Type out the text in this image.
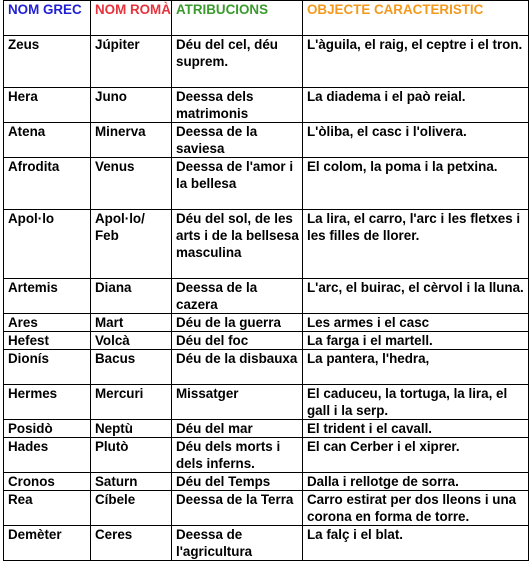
NOM GREC	NOM ROMÀ	ATRIBUCIONS	OBJECTE CARACTERISTIC
Zeus	Júpiter	Déu del cel, déu suprem.	L'àguila, el raig, el ceptre i el tron.
Hera	Juno	Deessa dels matrimonis	La diadema i el paò reial.
Atena	Minerva	Deessa de la saviesa	L'òliba, el casc i l'olivera.
Afrodita	Venus	Deessa de l'amor i la bellesa	El colom, la poma i la petxina.
Apol·lo	Apol·lo/ Feb	Déu del sol, de les arts i de la bellsesa masculina	La lira, el carro, l'arc i les fletxes i les filles de llorer.
Artemis	Diana	Deessa de la cazera	L'arc, el buirac, el cèrvol i la lluna.
Ares	Mart	Déu de la guerra	Les armes i el casc
Hefest	Volcà	Déu del foc	La farga i el martell.
Dionís	Bacus	Déu de la disbauxa	La pantera, l'hedra,
Hermes	Mercuri	Missatger	El caduceu, la tortuga, la lira, el gall i la serp.
Posidò	Neptù	Déu del mar	El trident i el cavall.
Hades	Plutò	Déu dels morts i dels inferns.	El can Cerber i el xiprer.
Cronos	Saturn	Déu del Temps	Dalla i rellotge de sorra.
Rea	Cíbele	Deessa de la Terra	Carro estirat per dos lleons i una corona en forma de torre.
Demèter	Ceres	Deessa de l'agricultura	La falç i el blat.
